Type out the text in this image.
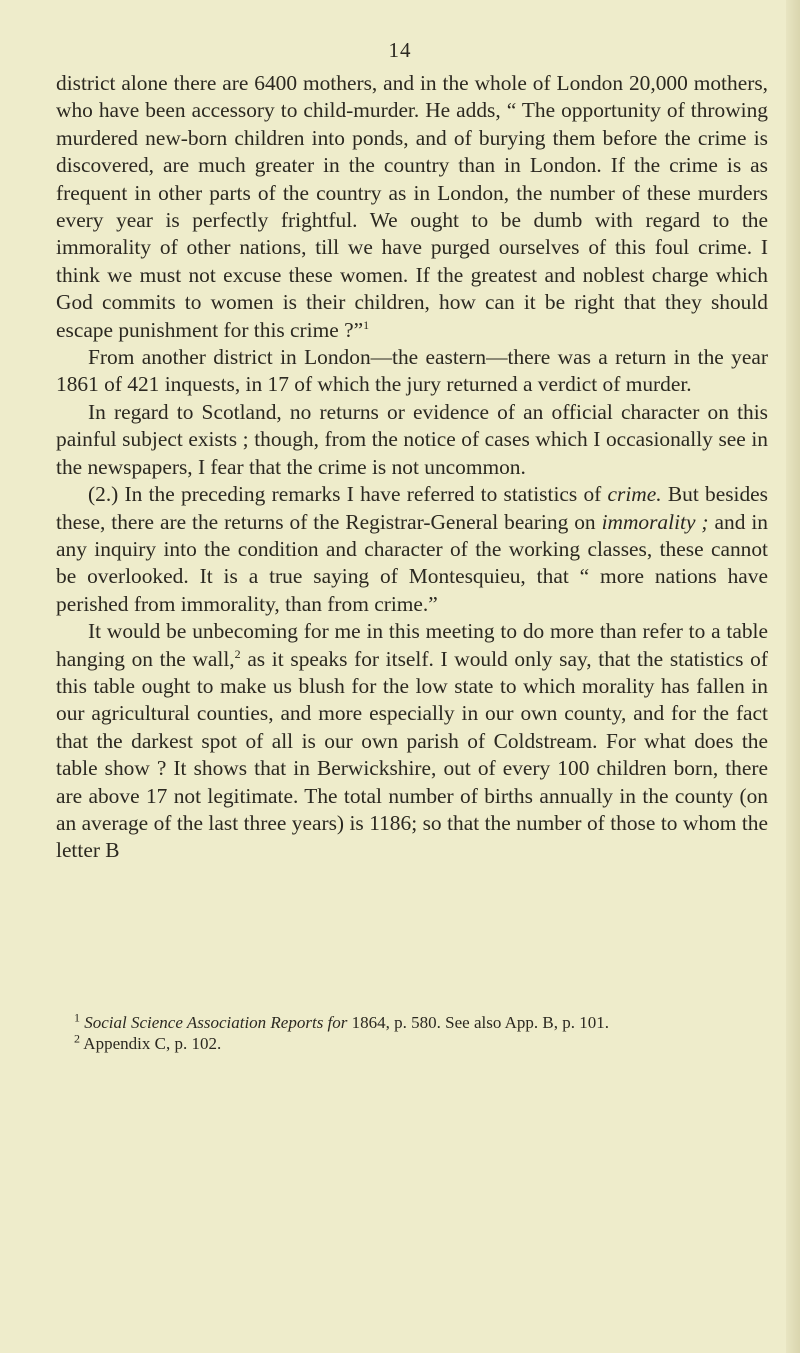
14

district alone there are 6400 mothers, and in the whole of London 20,000 mothers, who have been accessory to child-murder. He adds, “ The opportunity of throwing murdered new-born children into ponds, and of burying them before the crime is discovered, are much greater in the country than in London. If the crime is as frequent in other parts of the country as in London, the number of these murders every year is perfectly frightful. We ought to be dumb with regard to the immorality of other nations, till we have purged ourselves of this foul crime. I think we must not excuse these women. If the greatest and noblest charge which God commits to women is their children, how can it be right that they should escape punishment for this crime ?”$^1$

From another district in London—the eastern—there was a return in the year 1861 of 421 inquests, in 17 of which the jury returned a verdict of murder.

In regard to Scotland, no returns or evidence of an official character on this painful subject exists ; though, from the notice of cases which I occasionally see in the newspapers, I fear that the crime is not uncommon.

(2.) In the preceding remarks I have referred to statistics of crime. But besides these, there are the returns of the Registrar-General bearing on immorality ; and in any inquiry into the condition and character of the working classes, these cannot be overlooked. It is a true saying of Montesquieu, that “ more nations have perished from immorality, than from crime.”

It would be unbecoming for me in this meeting to do more than refer to a table hanging on the wall,$^2$ as it speaks for itself. I would only say, that the statistics of this table ought to make us blush for the low state to which morality has fallen in our agricultural counties, and more especially in our own county, and for the fact that the darkest spot of all is our own parish of Coldstream. For what does the table show ? It shows that in Berwickshire, out of every 100 children born, there are above 17 not legitimate. The total number of births annually in the county (on an average of the last three years) is 1186; so that the number of those to whom the letter B

$^1$ Social Science Association Reports for 1864, p. 580. See also App. B, p. 101.

$^2$ Appendix C, p. 102.
